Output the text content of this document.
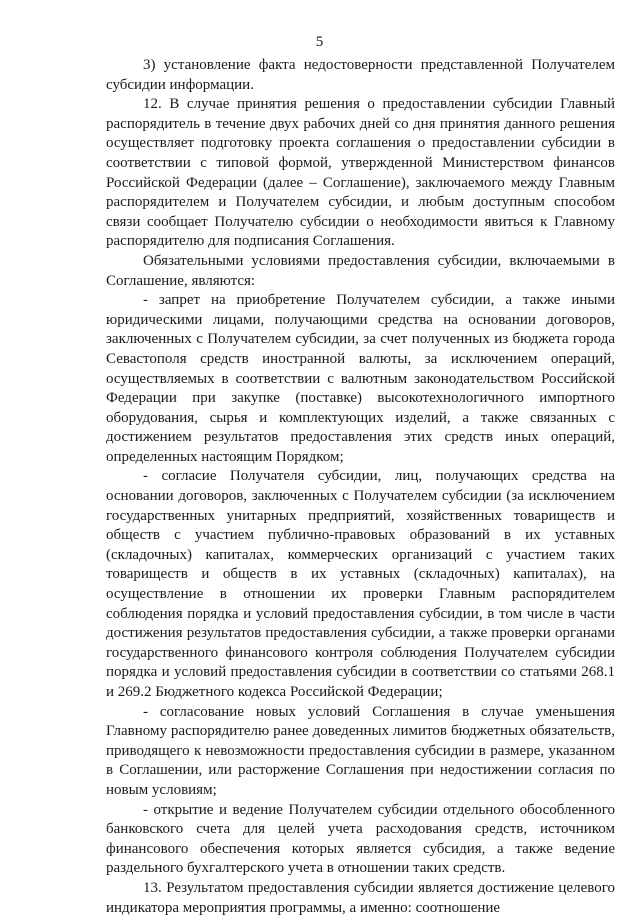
5

3) установление факта недостоверности представленной Получателем субсидии информации.

12. В случае принятия решения о предоставлении субсидии Главный распорядитель в течение двух рабочих дней со дня принятия данного решения осуществляет подготовку проекта соглашения о предоставлении субсидии в соответствии с типовой формой, утвержденной Министерством финансов Российской Федерации (далее – Соглашение), заключаемого между Главным распорядителем и Получателем субсидии, и любым доступным способом связи сообщает Получателю субсидии о необходимости явиться к Главному распорядителю для подписания Соглашения.

Обязательными условиями предоставления субсидии, включаемыми в Соглашение, являются:

- запрет на приобретение Получателем субсидии, а также иными юридическими лицами, получающими средства на основании договоров, заключенных с Получателем субсидии, за счет полученных из бюджета города Севастополя средств иностранной валюты, за исключением операций, осуществляемых в соответствии с валютным законодательством Российской Федерации при закупке (поставке) высокотехнологичного импортного оборудования, сырья и комплектующих изделий, а также связанных с достижением результатов предоставления этих средств иных операций, определенных настоящим Порядком;

- согласие Получателя субсидии, лиц, получающих средства на основании договоров, заключенных с Получателем субсидии (за исключением государственных унитарных предприятий, хозяйственных товариществ и обществ с участием публично-правовых образований в их уставных (складочных) капиталах, коммерческих организаций с участием таких товариществ и обществ в их уставных (складочных) капиталах), на осуществление в отношении их проверки Главным распорядителем соблюдения порядка и условий предоставления субсидии, в том числе в части достижения результатов предоставления субсидии, а также проверки органами государственного финансового контроля соблюдения Получателем субсидии порядка и условий предоставления субсидии в соответствии со статьями 268.1 и 269.2 Бюджетного кодекса Российской Федерации;

- согласование новых условий Соглашения в случае уменьшения Главному распорядителю ранее доведенных лимитов бюджетных обязательств, приводящего к невозможности предоставления субсидии в размере, указанном в Соглашении, или расторжение Соглашения при недостижении согласия по новым условиям;

- открытие и ведение Получателем субсидии отдельного обособленного банковского счета для целей учета расходования средств, источником финансового обеспечения которых является субсидия, а также ведение раздельного бухгалтерского учета в отношении таких средств.

13. Результатом предоставления субсидии является достижение целевого индикатора мероприятия программы, а именно: соотношение
